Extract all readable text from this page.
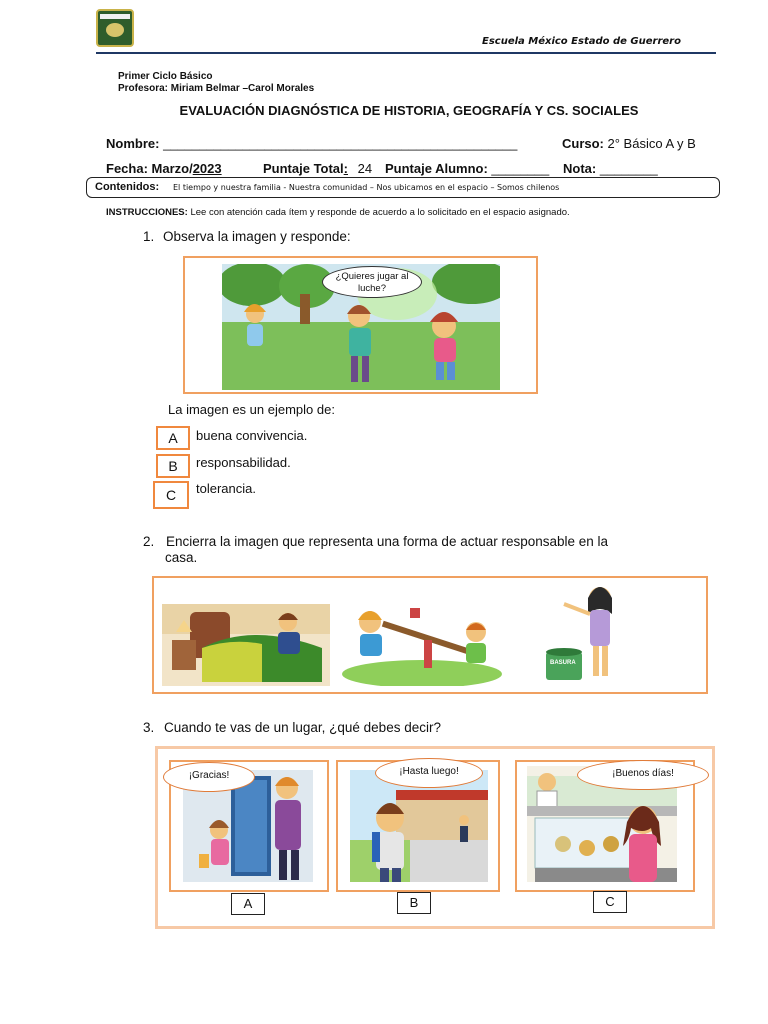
Escuela México Estado de Guerrero
Primer Ciclo Básico
Profesora: Miriam Belmar –Carol Morales
EVALUACIÓN DIAGNÓSTICA DE HISTORIA, GEOGRAFÍA Y CS. SOCIALES
Nombre: _________________________________________________	Curso: 2° Básico A y B
Fecha: Marzo/2023	Puntaje Total: 24 Puntaje Alumno: ________ Nota: ________
Contenidos: El tiempo y nuestra familia - Nuestra comunidad – Nos ubicamos en el espacio – Somos chilenos
INSTRUCCIONES: Lee con atención cada ítem y responde de acuerdo a lo solicitado en el espacio asignado.
1. Observa la imagen y responde:
¿Quieres jugar al luche?
La imagen es un ejemplo de:
A	buena convivencia.
B	responsabilidad.
C	tolerancia.
2. Encierra la imagen que representa una forma de actuar responsable en la
casa.
BASURA
3. Cuando te vas de un lugar, ¿qué debes decir?
¡Gracias!	¡Hasta luego!	¡Buenos días!
A	B	C
